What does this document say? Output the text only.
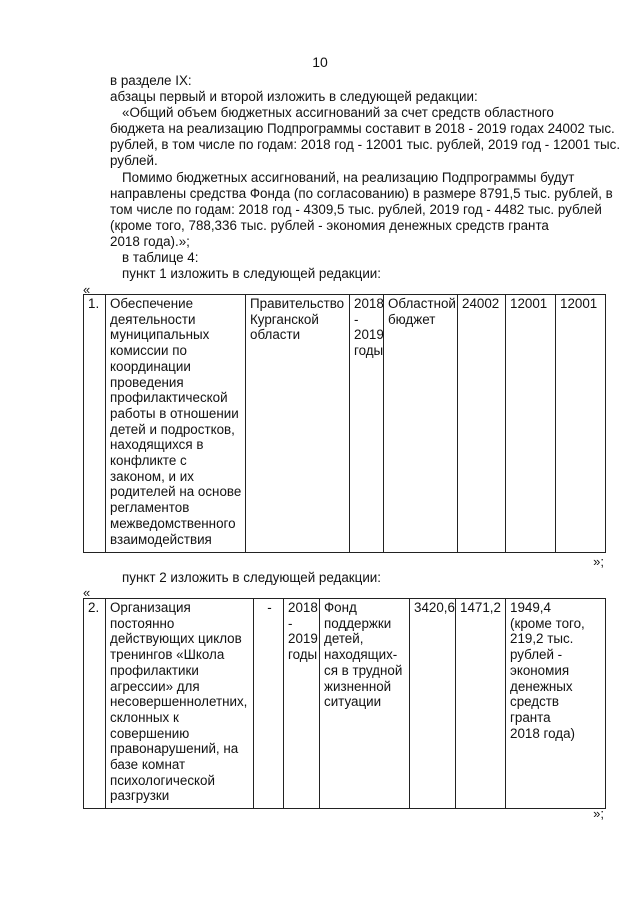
10
в разделе IX:
абзацы первый и второй изложить в следующей редакции:
«Общий объем бюджетных ассигнований за счет средств областного
бюджета на реализацию Подпрограммы составит в 2018 - 2019 годах 24002 тыс.
рублей, в том числе по годам: 2018 год - 12001 тыс. рублей, 2019 год - 12001 тыс.
рублей.
Помимо бюджетных ассигнований, на реализацию Подпрограммы будут
направлены средства Фонда (по согласованию) в размере 8791,5 тыс. рублей, в
том числе по годам: 2018 год - 4309,5 тыс. рублей, 2019 год - 4482 тыс. рублей
(кроме того, 788,336 тыс. рублей - экономия денежных средств гранта
2018 года).»;
в таблице 4:
пункт 1 изложить в следующей редакции:
«
1.	Обеспечение
деятельности
муниципальных
комиссии по
координации
проведения
профилактической
работы в отношении
детей и подростков,
находящихся в
конфликте с
законом, и их
родителей на основе
регламентов
межведомственного
взаимодействия	Правительство
Курганской
области	2018
-
2019
годы	Областной
бюджет	24002	12001	12001
»;
пункт 2 изложить в следующей редакции:
«
2.	Организация
постоянно
действующих циклов
тренингов «Школа
профилактики
агрессии» для
несовершеннолетних,
склонных к
совершению
правонарушений, на
базе комнат
психологической
разгрузки	-	2018
-
2019
годы	Фонд
поддержки
детей,
находящих-
ся в трудной
жизненной
ситуации	3420,6	1471,2	1949,4
(кроме того,
219,2 тыс.
рублей -
экономия
денежных
средств
гранта
2018 года)
»;
